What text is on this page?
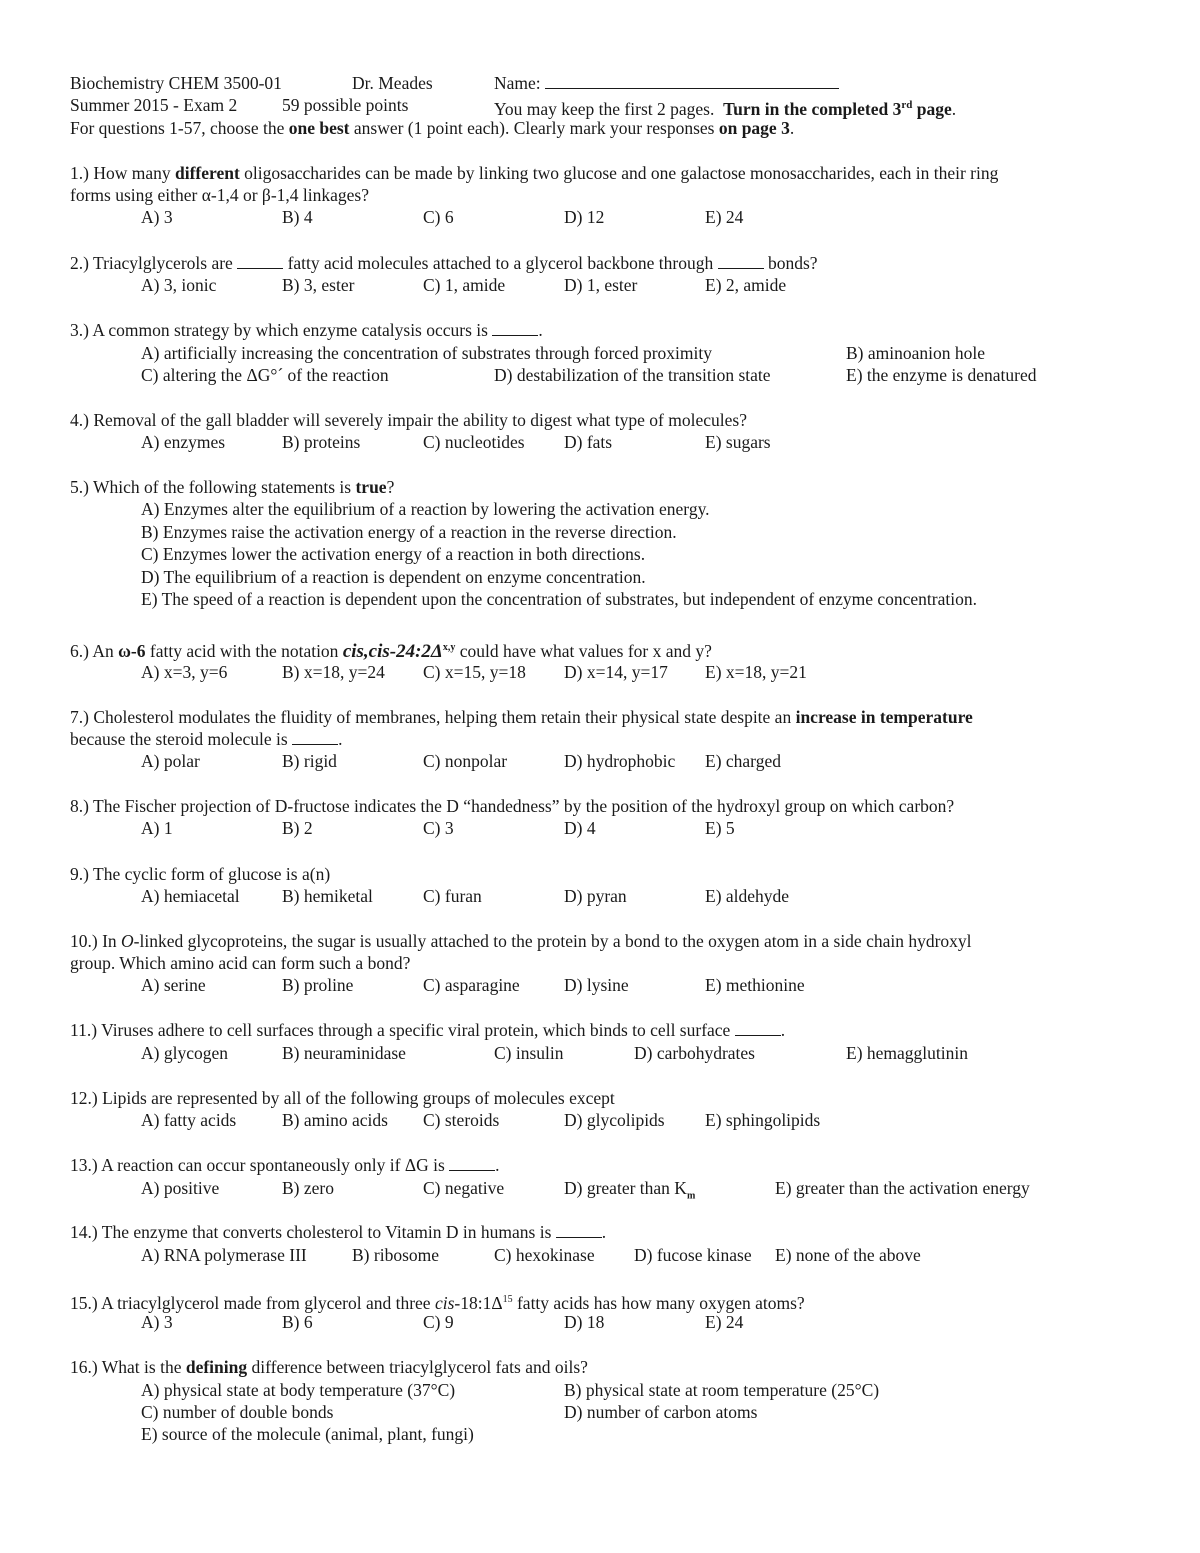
Biochemistry CHEM 3500-01	Dr. Meades	Name:
Summer 2015 - Exam 2	59 possible points	You may keep the first 2 pages. Turn in the completed 3rd page.
For questions 1-57, choose the one best answer (1 point each). Clearly mark your responses on page 3.
1.) How many different oligosaccharides can be made by linking two glucose and one galactose monosaccharides, each in their ring
forms using either α-1,4 or β-1,4 linkages?
A) 3	B) 4	C) 6	D) 12	E) 24
2.) Triacylglycerols are	fatty acid molecules attached to a glycerol backbone through	bonds?
A) 3, ionic	B) 3, ester	C) 1, amide	D) 1, ester	E) 2, amide
3.) A common strategy by which enzyme catalysis occurs is	.
A) artificially increasing the concentration of substrates through forced proximity	B) aminoanion hole
C) altering the ΔG°´ of the reaction	D) destabilization of the transition state	E) the enzyme is denatured
4.) Removal of the gall bladder will severely impair the ability to digest what type of molecules?
A) enzymes	B) proteins	C) nucleotides D) fats	E) sugars
5.) Which of the following statements is true?
A) Enzymes alter the equilibrium of a reaction by lowering the activation energy.
B) Enzymes raise the activation energy of a reaction in the reverse direction.
C) Enzymes lower the activation energy of a reaction in both directions.
D) The equilibrium of a reaction is dependent on enzyme concentration.
E) The speed of a reaction is dependent upon the concentration of substrates, but independent of enzyme concentration.
6.) An ω-6 fatty acid with the notation $cis,cis-24:2\Delta^{x,y}$ could have what values for x and y?
A) x=3, y=6	B) x=18, y=24 C) x=15, y=18 D) x=14, y=17 E) x=18, y=21
7.) Cholesterol modulates the fluidity of membranes, helping them retain their physical state despite an increase in temperature
because the steroid molecule is	.
A) polar	B) rigid	C) nonpolar	D) hydrophobic E) charged
8.) The Fischer projection of D-fructose indicates the D “handedness” by the position of the hydroxyl group on which carbon?
A) 1	B) 2	C) 3	D) 4	E) 5
9.) The cyclic form of glucose is a(n)
A) hemiacetal B) hemiketal	C) furan	D) pyran	E) aldehyde
10.) In O-linked glycoproteins, the sugar is usually attached to the protein by a bond to the oxygen atom in a side chain hydroxyl
group. Which amino acid can form such a bond?
A) serine	B) proline	C) asparagine	D) lysine	E) methionine
11.) Viruses adhere to cell surfaces through a specific viral protein, which binds to cell surface	.
A) glycogen	B) neuraminidase	C) insulin	D) carbohydrates	E) hemagglutinin
12.) Lipids are represented by all of the following groups of molecules except
A) fatty acids	B) amino acids C) steroids	D) glycolipids E) sphingolipids
13.) A reaction can occur spontaneously only if ΔG is	.
A) positive	B) zero	C) negative	D) greater than $K_m$	E) greater than the activation energy
14.) The enzyme that converts cholesterol to Vitamin D in humans is	.
A) RNA polymerase III	B) ribosome	C) hexokinase D) fucose kinase E) none of the above
15.) A triacylglycerol made from glycerol and three cis-$18:1\Delta^{15}$ fatty acids has how many oxygen atoms?
A) 3	B) 6	C) 9	D) 18	E) 24
16.) What is the defining difference between triacylglycerol fats and oils?
A) physical state at body temperature (37°C)	B) physical state at room temperature (25°C)
C) number of double bonds	D) number of carbon atoms
E) source of the molecule (animal, plant, fungi)
